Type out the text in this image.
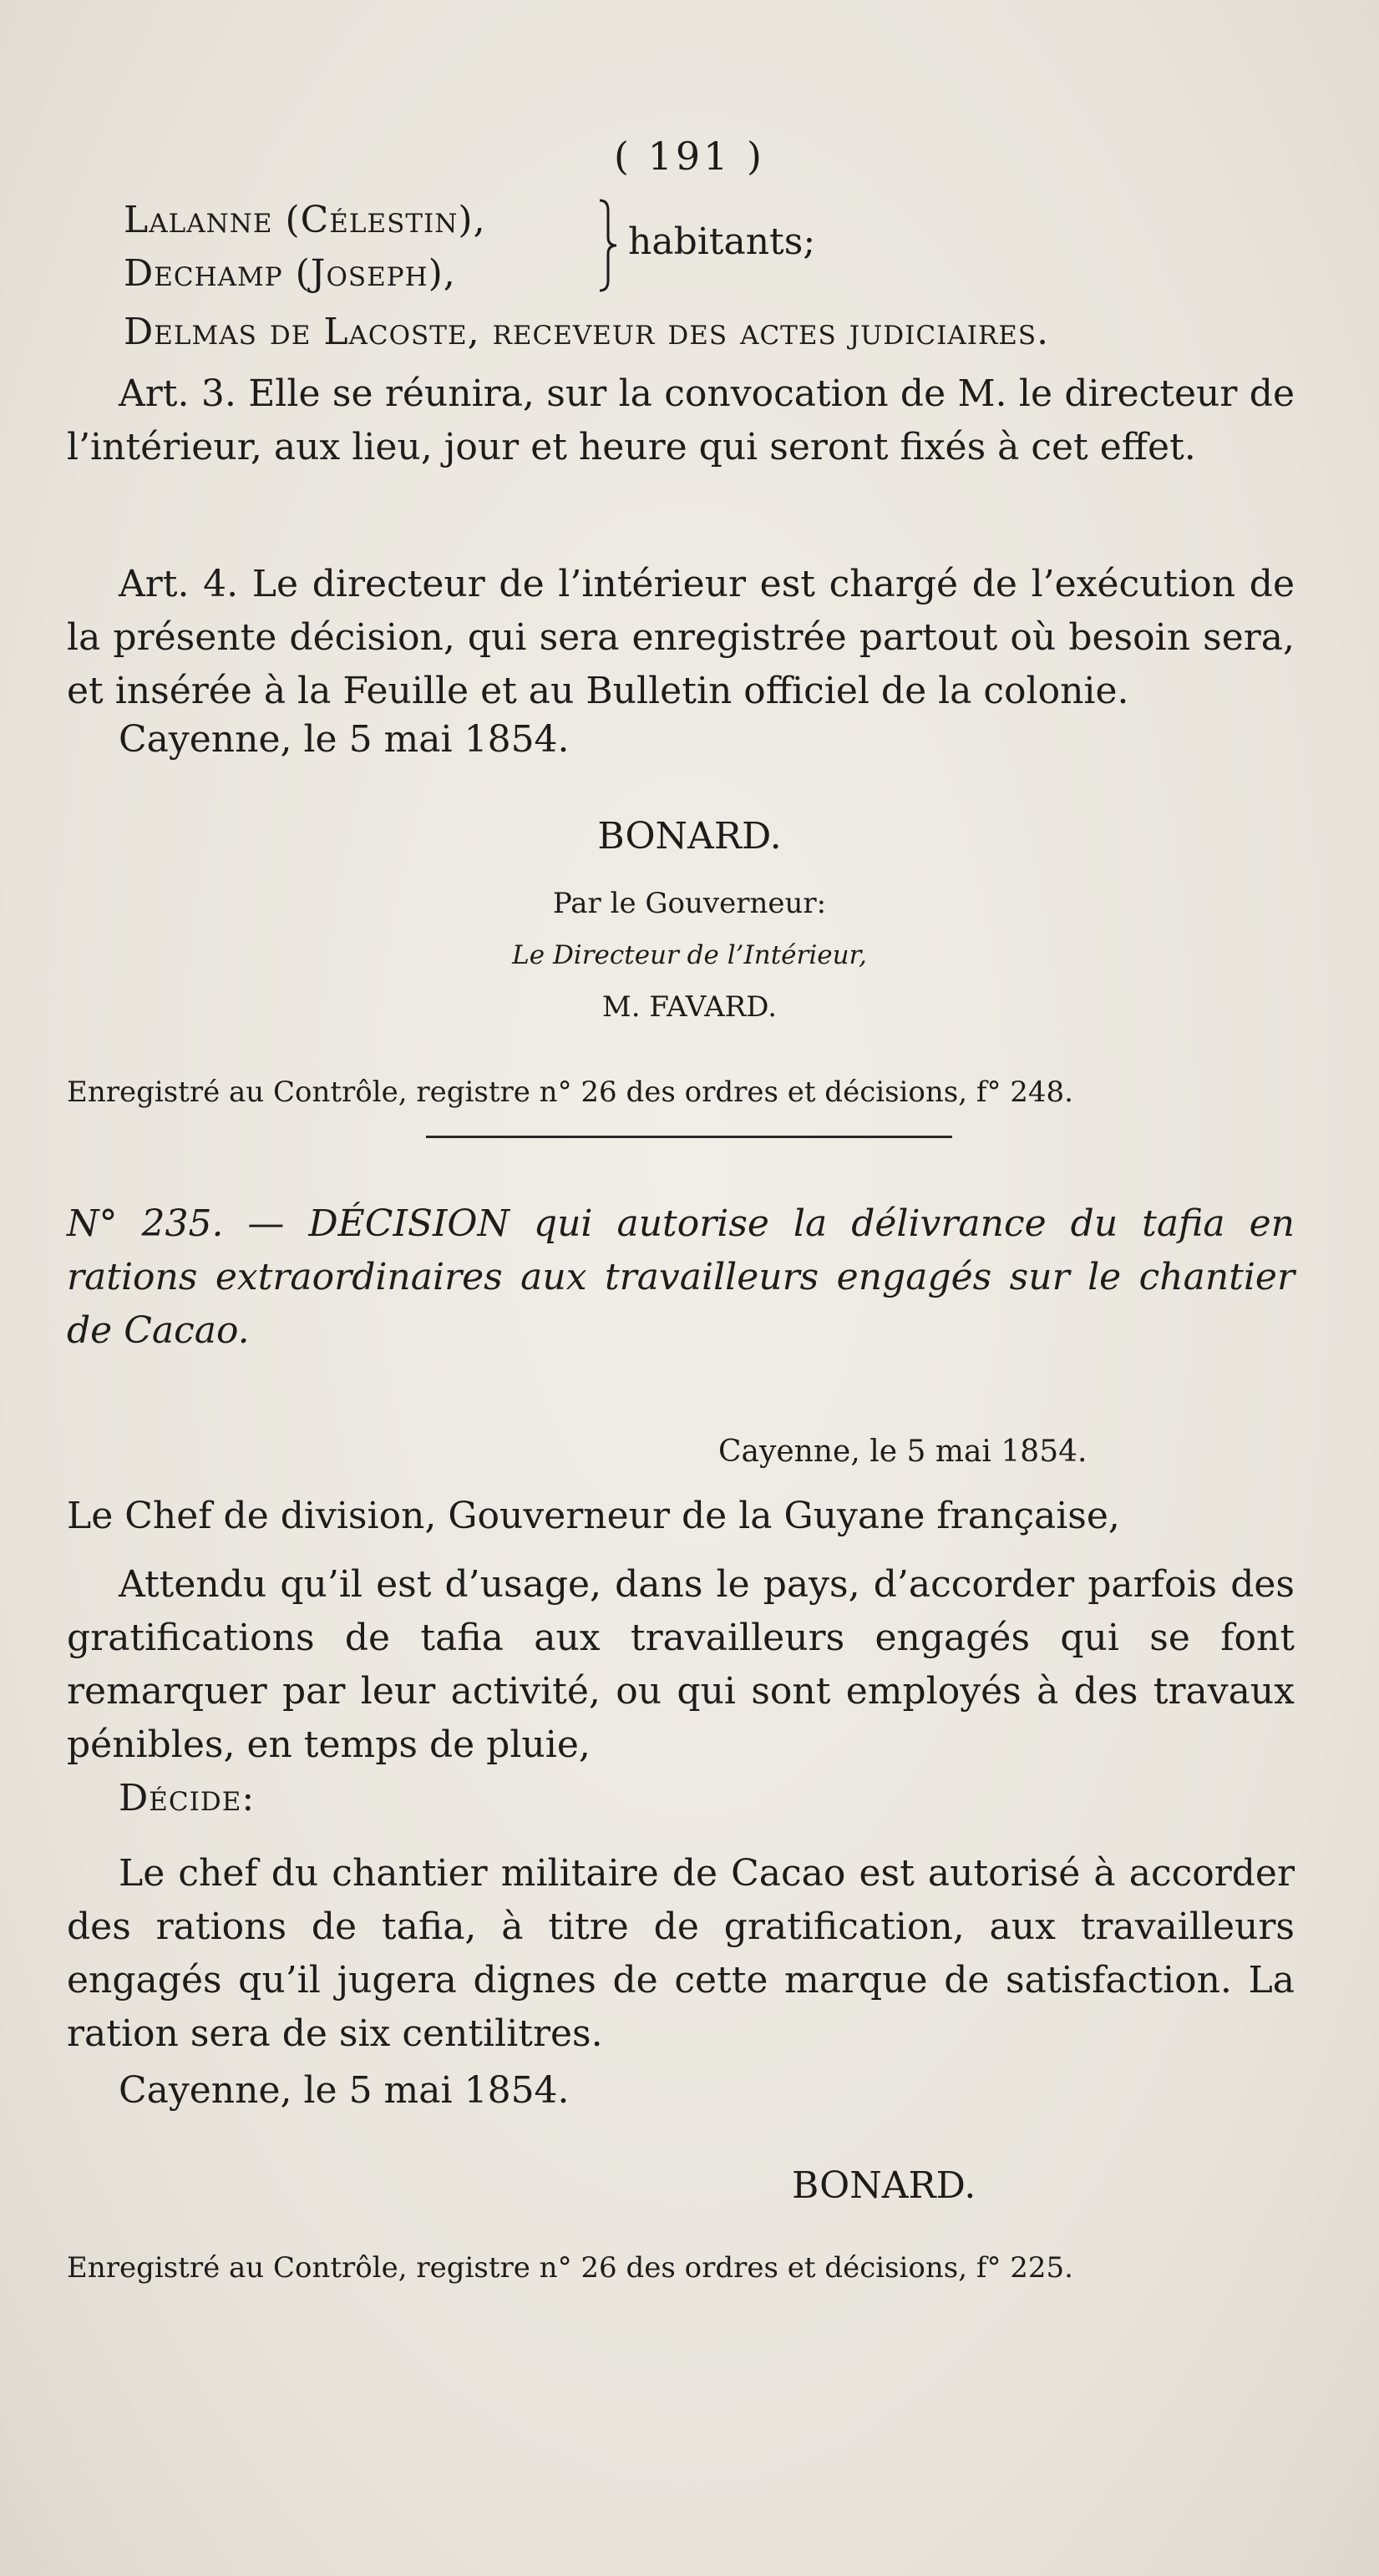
( 191 )
Lalanne (Célestin),
Dechamp (Joseph),
habitants;
Delmas de Lacoste, receveur des actes judiciaires.

Art. 3. Elle se réunira, sur la convocation de M. le directeur de l’intérieur, aux lieu, jour et heure qui seront fixés à cet effet.

Art. 4. Le directeur de l’intérieur est chargé de l’exécution de la présente décision, qui sera enregistrée partout où besoin sera, et insérée à la Feuille et au Bulletin officiel de la colonie.

Cayenne, le 5 mai 1854.
BONARD.
Par le Gouverneur:
Le Directeur de l’Intérieur,
M. FAVARD.
Enregistré au Contrôle, registre n° 26 des ordres et décisions, f° 248.

N° 235. — DÉCISION qui autorise la délivrance du tafia en rations extraordinaires aux travailleurs engagés sur le chantier de Cacao.

Cayenne, le 5 mai 1854.
Le Chef de division, Gouverneur de la Guyane française,

Attendu qu’il est d’usage, dans le pays, d’accorder parfois des gratifications de tafia aux travailleurs engagés qui se font remarquer par leur activité, ou qui sont employés à des travaux pénibles, en temps de pluie,

Décide:

Le chef du chantier militaire de Cacao est autorisé à accorder des rations de tafia, à titre de gratification, aux travailleurs engagés qu’il jugera dignes de cette marque de satisfaction. La ration sera de six centilitres.

Cayenne, le 5 mai 1854.
BONARD.
Enregistré au Contrôle, registre n° 26 des ordres et décisions, f° 225.
